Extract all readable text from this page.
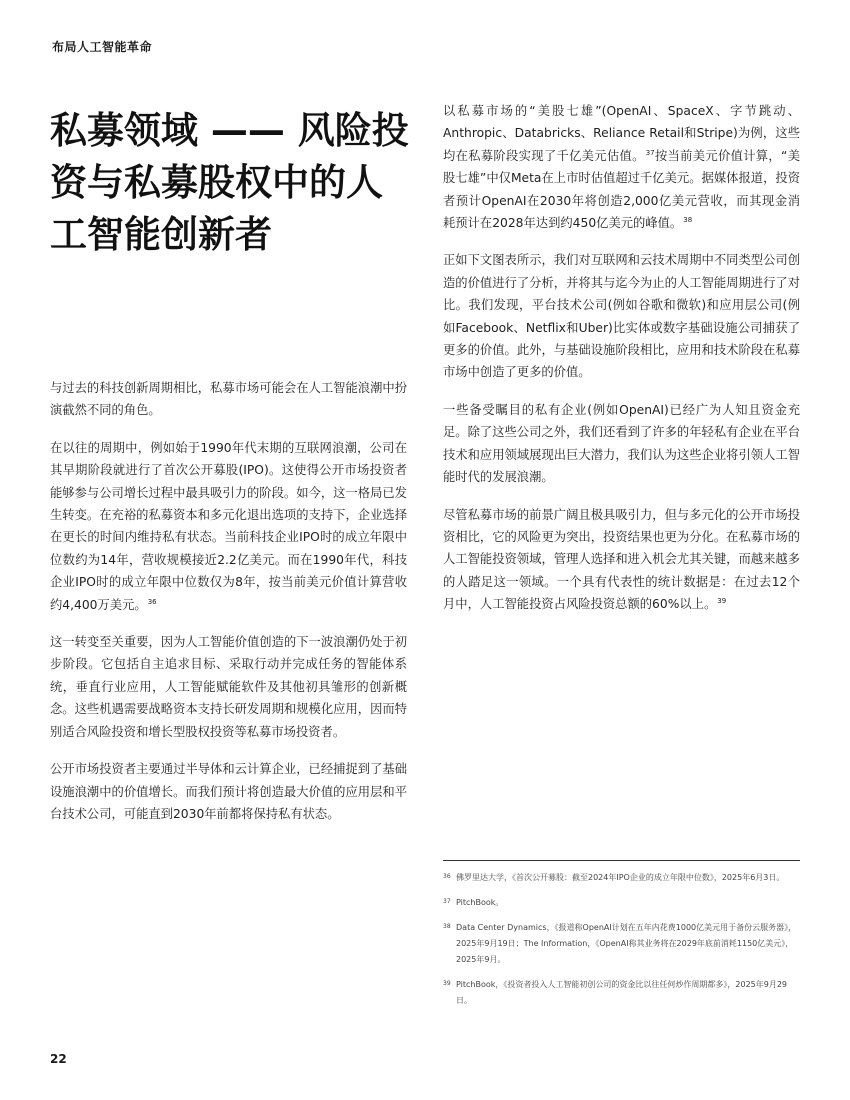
布局人工智能革命
私募领域 —— 风险投资与私募股权中的人工智能创新者

与过去的科技创新周期相比，私募市场可能会在人工智能浪潮中扮演截然不同的角色。

在以往的周期中，例如始于1990年代末期的互联网浪潮，公司在其早期阶段就进行了首次公开募股(IPO)。这使得公开市场投资者能够参与公司增长过程中最具吸引力的阶段。如今，这一格局已发生转变。在充裕的私募资本和多元化退出选项的支持下，企业选择在更长的时间内维持私有状态。当前科技企业IPO时的成立年限中位数约为14年，营收规模接近2.2亿美元。而在1990年代，科技企业IPO时的成立年限中位数仅为8年，按当前美元价值计算营收约4,400万美元。$^{36}$

这一转变至关重要，因为人工智能价值创造的下一波浪潮仍处于初步阶段。它包括自主追求目标、采取行动并完成任务的智能体系统，垂直行业应用，人工智能赋能软件及其他初具雏形的创新概念。这些机遇需要战略资本支持长研发周期和规模化应用，因而特别适合风险投资和增长型股权投资等私募市场投资者。

公开市场投资者主要通过半导体和云计算企业，已经捕捉到了基础设施浪潮中的价值增长。而我们预计将创造最大价值的应用层和平台技术公司，可能直到2030年前都将保持私有状态。

以私募市场的“美股七雄”(OpenAI、SpaceX、字节跳动、Anthropic、Databricks、Reliance Retail和Stripe)为例，这些均在私募阶段实现了千亿美元估值。$^{37}$按当前美元价值计算，“美股七雄”中仅Meta在上市时估值超过千亿美元。据媒体报道，投资者预计OpenAI在2030年将创造2,000亿美元营收，而其现金消耗预计在2028年达到约450亿美元的峰值。$^{38}$

正如下文图表所示，我们对互联网和云技术周期中不同类型公司创造的价值进行了分析，并将其与迄今为止的人工智能周期进行了对比。我们发现，平台技术公司(例如谷歌和微软)和应用层公司(例如Facebook、Netflix和Uber)比实体或数字基础设施公司捕获了更多的价值。此外，与基础设施阶段相比，应用和技术阶段在私募市场中创造了更多的价值。

一些备受瞩目的私有企业(例如OpenAI)已经广为人知且资金充足。除了这些公司之外，我们还看到了许多的年轻私有企业在平台技术和应用领域展现出巨大潜力，我们认为这些企业将引领人工智能时代的发展浪潮。

尽管私募市场的前景广阔且极具吸引力，但与多元化的公开市场投资相比，它的风险更为突出，投资结果也更为分化。在私募市场的人工智能投资领域，管理人选择和进入机会尤其关键，而越来越多的人踏足这一领域。一个具有代表性的统计数据是：在过去12个月中，人工智能投资占风险投资总额的60%以上。$^{39}$

36 佛罗里达大学，《首次公开募股：截至2024年IPO企业的成立年限中位数》，2025年6月3日。
37 PitchBook。
38 Data Center Dynamics，《报道称OpenAI计划在五年内花费1000亿美元用于备份云服务器》，2025年9月19日；The Information，《OpenAI称其业务将在2029年底前消耗1150亿美元》，2025年9月。
39 PitchBook，《投资者投入人工智能初创公司的资金比以往任何炒作周期都多》，2025年9月29日。
22
